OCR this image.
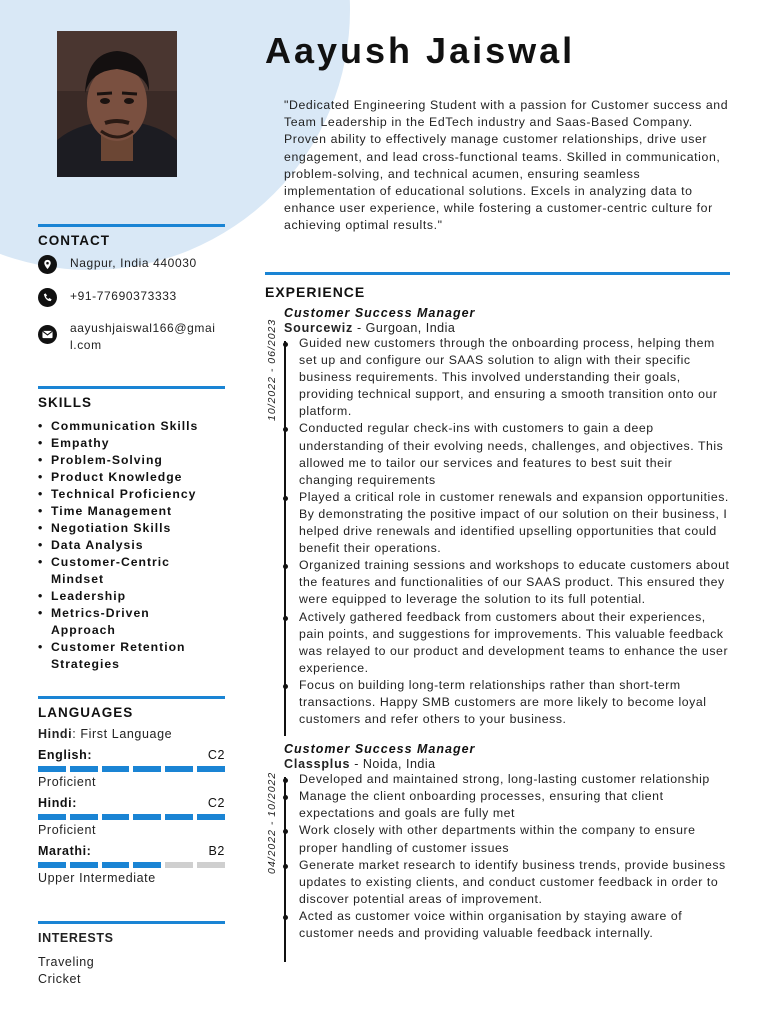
Aayush Jaiswal
"Dedicated Engineering Student with a passion for Customer success and Team Leadership in the EdTech industry and Saas-Based Company. Proven ability to effectively manage customer relationships, drive user engagement, and lead cross-functional teams. Skilled in communication, problem-solving, and technical acumen, ensuring seamless implementation of educational solutions. Excels in analyzing data to enhance user experience, while fostering a customer-centric culture for achieving optimal results."
CONTACT
Nagpur, India 440030
+91-77690373333
aayushjaiswal166@gmail.com
SKILLS
• Communication Skills
• Empathy
• Problem-Solving
• Product Knowledge
• Technical Proficiency
• Time Management
• Negotiation Skills
• Data Analysis
• Customer-Centric Mindset
• Leadership
• Metrics-Driven Approach
• Customer Retention Strategies
LANGUAGES
Hindi: First Language
English:	C2
Proficient
Hindi:	C2
Proficient
Marathi:	B2
Upper Intermediate
INTERESTS
Traveling
Cricket
EXPERIENCE
Customer Success Manager
Sourcewiz - Gurgoan, India
10/2022 - 06/2023	Guided new customers through the onboarding process, helping them set up and configure our SAAS solution to align with their specific business requirements. This involved understanding their goals, providing technical support, and ensuring a smooth transition onto our platform.
Conducted regular check-ins with customers to gain a deep understanding of their evolving needs, challenges, and objectives. This allowed me to tailor our services and features to best suit their changing requirements
Played a critical role in customer renewals and expansion opportunities. By demonstrating the positive impact of our solution on their business, I helped drive renewals and identified upselling opportunities that could benefit their operations.
Organized training sessions and workshops to educate customers about the features and functionalities of our SAAS product. This ensured they were equipped to leverage the solution to its full potential.
Actively gathered feedback from customers about their experiences, pain points, and suggestions for improvements. This valuable feedback was relayed to our product and development teams to enhance the user experience.
Focus on building long-term relationships rather than short-term transactions. Happy SMB customers are more likely to become loyal customers and refer others to your business.
Customer Success Manager
Classplus - Noida, India
04/2022 - 10/2022	Developed and maintained strong, long-lasting customer relationship
Manage the client onboarding processes, ensuring that client expectations and goals are fully met
Work closely with other departments within the company to ensure proper handling of customer issues
Generate market research to identify business trends, provide business updates to existing clients, and conduct customer feedback in order to discover potential areas of improvement.
Acted as customer voice within organisation by staying aware of customer needs and providing valuable feedback internally.
